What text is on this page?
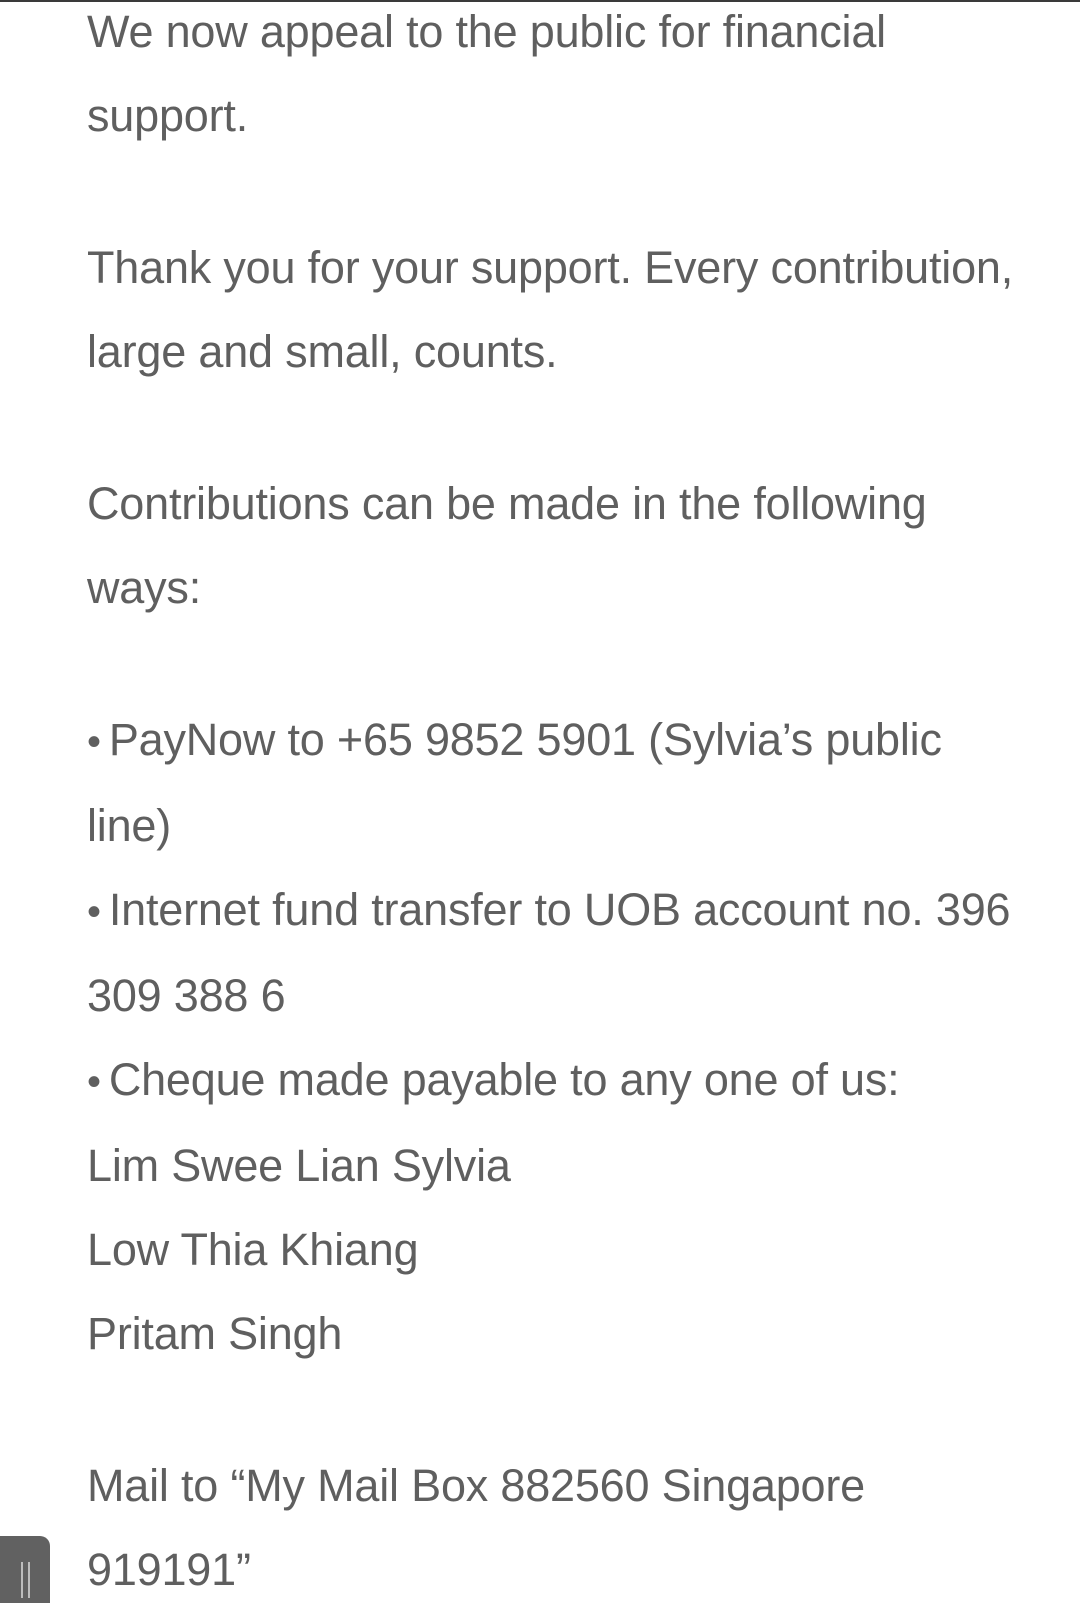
We now appeal to the public for financial support.

Thank you for your support. Every contribution, large and small, counts.

Contributions can be made in the following ways:

• PayNow to +65 9852 5901 (Sylvia’s public line)
• Internet fund transfer to UOB account no. 396 309 388 6
• Cheque made payable to any one of us:
Lim Swee Lian Sylvia
Low Thia Khiang
Pritam Singh

Mail to “My Mail Box 882560 Singapore 919191”
